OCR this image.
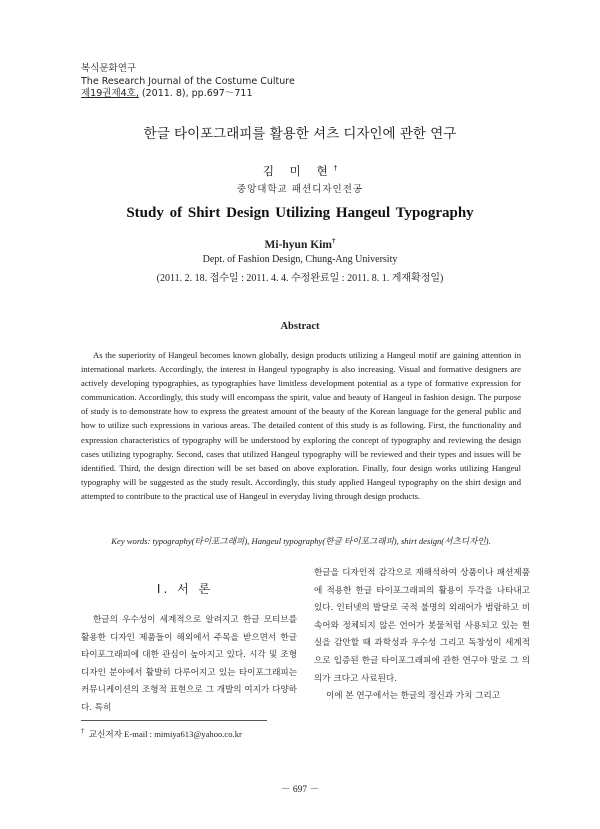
복식문화연구
The Research Journal of the Costume Culture
제19권제4호, (2011. 8), pp.697～711
한글 타이포그래피를 활용한 셔츠 디자인에 관한 연구
김 미 현†
중앙대학교 패션디자인전공
Study of Shirt Design Utilizing Hangeul Typography
Mi-hyun Kim†
Dept. of Fashion Design, Chung-Ang University
(2011. 2. 18. 접수일 : 2011. 4. 4. 수정완료일 : 2011. 8. 1. 게재확정일)
Abstract

As the superiority of Hangeul becomes known globally, design products utilizing a Hangeul motif are gaining attention in international markets. Accordingly, the interest in Hangeul typography is also increasing. Visual and formative designers are actively developing typographies, as typographies have limitless development potential as a type of formative expression for communication. Accordingly, this study will encompass the spirit, value and beauty of Hangeul in fashion design. The purpose of study is to demonstrate how to express the greatest amount of the beauty of the Korean language for the general public and how to utilize such expressions in various areas. The detailed content of this study is as following. First, the functionality and expression characteristics of typography will be understood by exploring the concept of typography and reviewing the design cases utilizing typography. Second, cases that utilized Hangeul typography will be reviewed and their types and issues will be identified. Third, the design direction will be set based on above exploration. Finally, four design works utilizing Hangeul typography will be suggested as the study result. Accordingly, this study applied Hangeul typography on the shirt design and attempted to contribute to the practical use of Hangeul in everyday living through design products.

Key words: typography(타이포그래피), Hangeul typography(한글 타이포그래피), shirt design(셔츠디자인).
Ⅰ. 서 론

한글의 우수성이 세계적으로 알려지고 한글 모티브를 활용한 디자인 제품들이 해외에서 주목을 받으면서 한글 타이포그래피에 대한 관심이 높아지고 있다. 시각 및 조형 디자인 분야에서 활발히 다루어지고 있는 타이포그래피는 커뮤니케이션의 조형적 표현으로 그 개발의 여지가 다양하다. 특히

한글을 디자인적 감각으로 재해석하여 상품이나 패션제품에 적용한 한글 타이포그래피의 활용이 두각을 나타내고 있다. 인터넷의 발달로 국적 불명의 외래어가 범람하고 비속어와 정체되지 않은 언어가 봇물처럼 사용되고 있는 현실을 감안할 때 과학성과 우수성 그리고 독창성이 세계적으로 입증된 한글 타이포그래피에 관한 연구야 말로 그 의의가 크다고 사료된다.
이에 본 연구에서는 한글의 정신과 가치 그리고

† 교신저자 E-mail : mimiya613@yahoo.co.kr
－ 697 －
